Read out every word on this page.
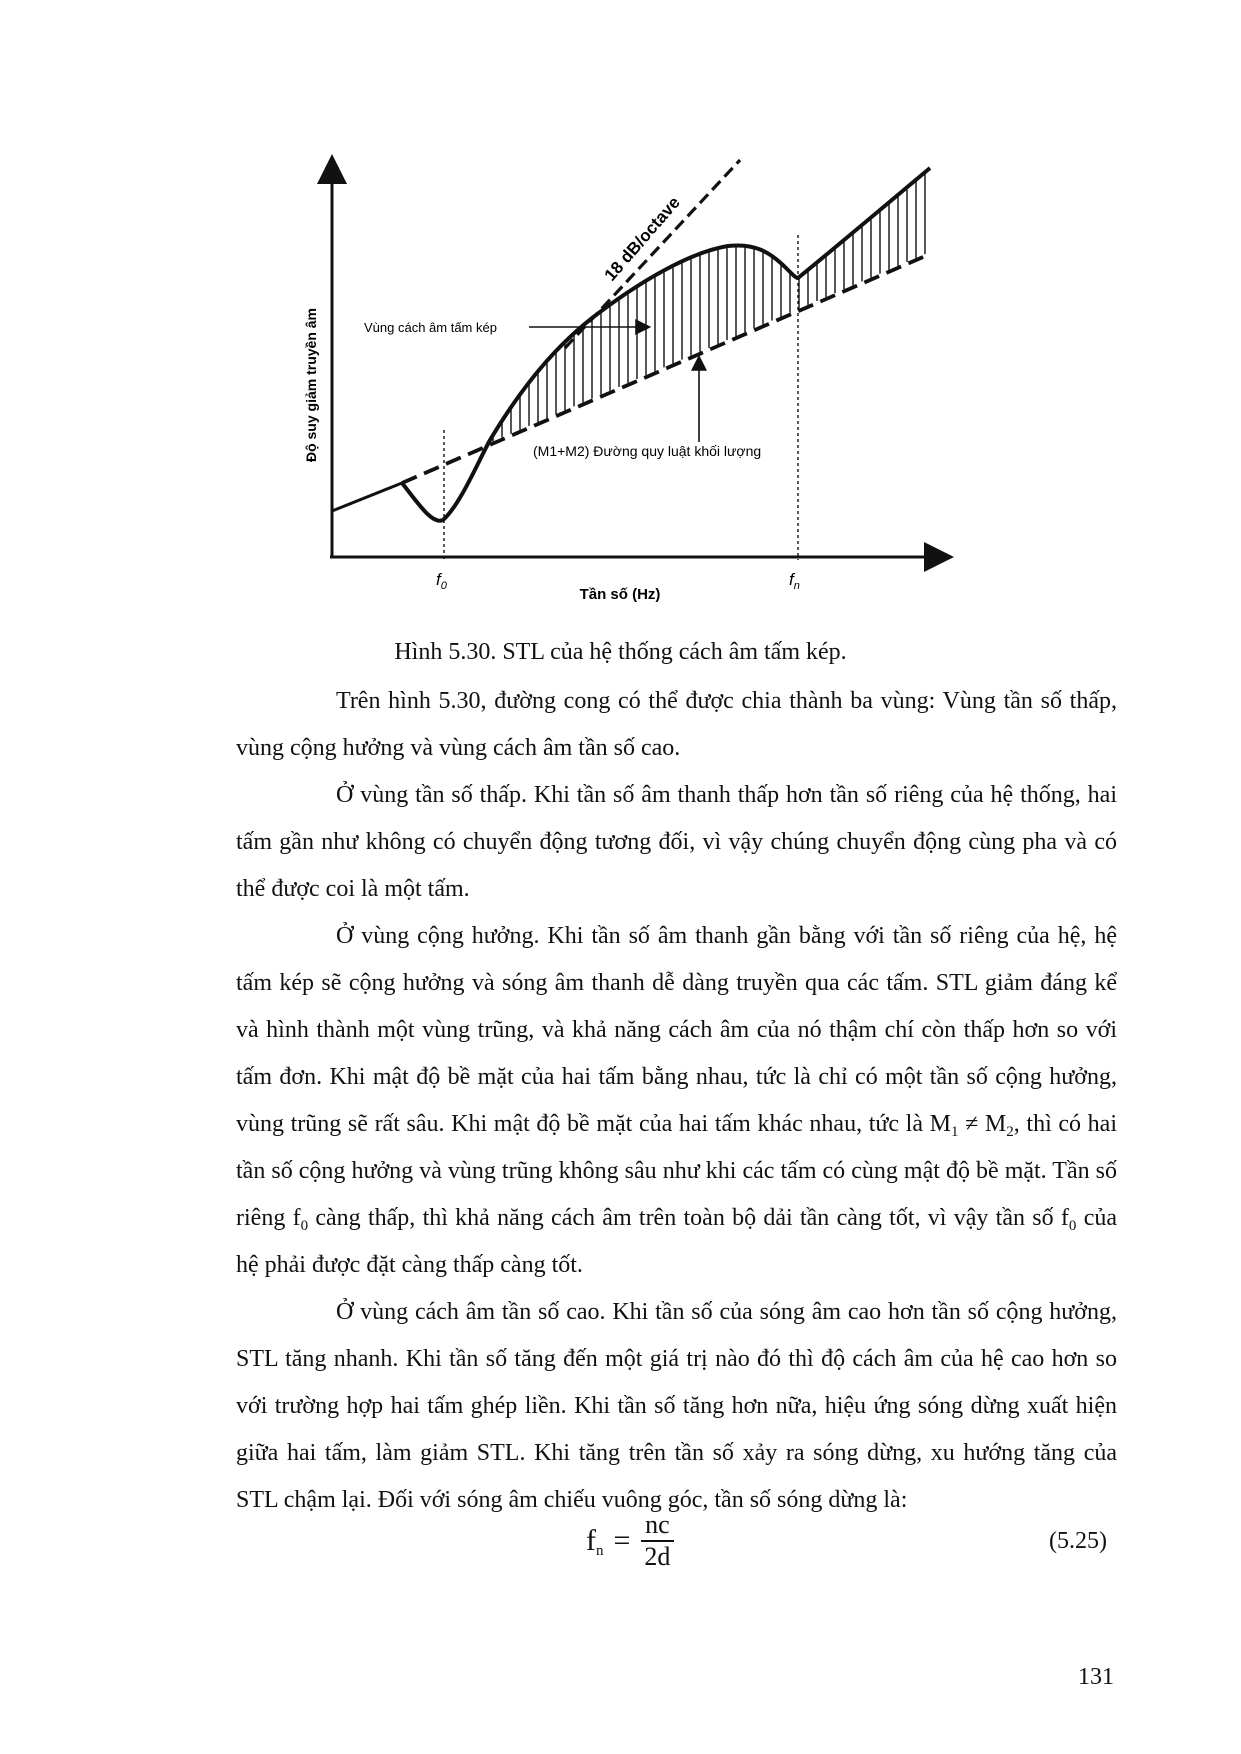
Độ suy giảm truyền âm
Tần số (Hz)
18 dB/octave
Vùng cách âm tấm kép
(M1+M2) Đường quy luật khối lượng
$f_0$	$f_n$
Hình 5.30. STL của hệ thống cách âm tấm kép.

Trên hình 5.30, đường cong có thể được chia thành ba vùng: Vùng tần số thấp, vùng cộng hưởng và vùng cách âm tần số cao.

Ở vùng tần số thấp. Khi tần số âm thanh thấp hơn tần số riêng của hệ thống, hai tấm gần như không có chuyển động tương đối, vì vậy chúng chuyển động cùng pha và có thể được coi là một tấm.

Ở vùng cộng hưởng. Khi tần số âm thanh gần bằng với tần số riêng của hệ, hệ tấm kép sẽ cộng hưởng và sóng âm thanh dễ dàng truyền qua các tấm. STL giảm đáng kể và hình thành một vùng trũng, và khả năng cách âm của nó thậm chí còn thấp hơn so với tấm đơn. Khi mật độ bề mặt của hai tấm bằng nhau, tức là chỉ có một tần số cộng hưởng, vùng trũng sẽ rất sâu. Khi mật độ bề mặt của hai tấm khác nhau, tức là $M_1 \ne M_2$, thì có hai tần số cộng hưởng và vùng trũng không sâu như khi các tấm có cùng mật độ bề mặt. Tần số riêng $f_0$ càng thấp, thì khả năng cách âm trên toàn bộ dải tần càng tốt, vì vậy tần số $f_0$ của hệ phải được đặt càng thấp càng tốt.

Ở vùng cách âm tần số cao. Khi tần số của sóng âm cao hơn tần số cộng hưởng, STL tăng nhanh. Khi tần số tăng đến một giá trị nào đó thì độ cách âm của hệ cao hơn so với trường hợp hai tấm ghép liền. Khi tần số tăng hơn nữa, hiệu ứng sóng dừng xuất hiện giữa hai tấm, làm giảm STL. Khi tăng trên tần số xảy ra sóng dừng, xu hướng tăng của STL chậm lại. Đối với sóng âm chiếu vuông góc, tần số sóng dừng là:

$f_n = \frac{nc}{2d}$	(5.25)
131
